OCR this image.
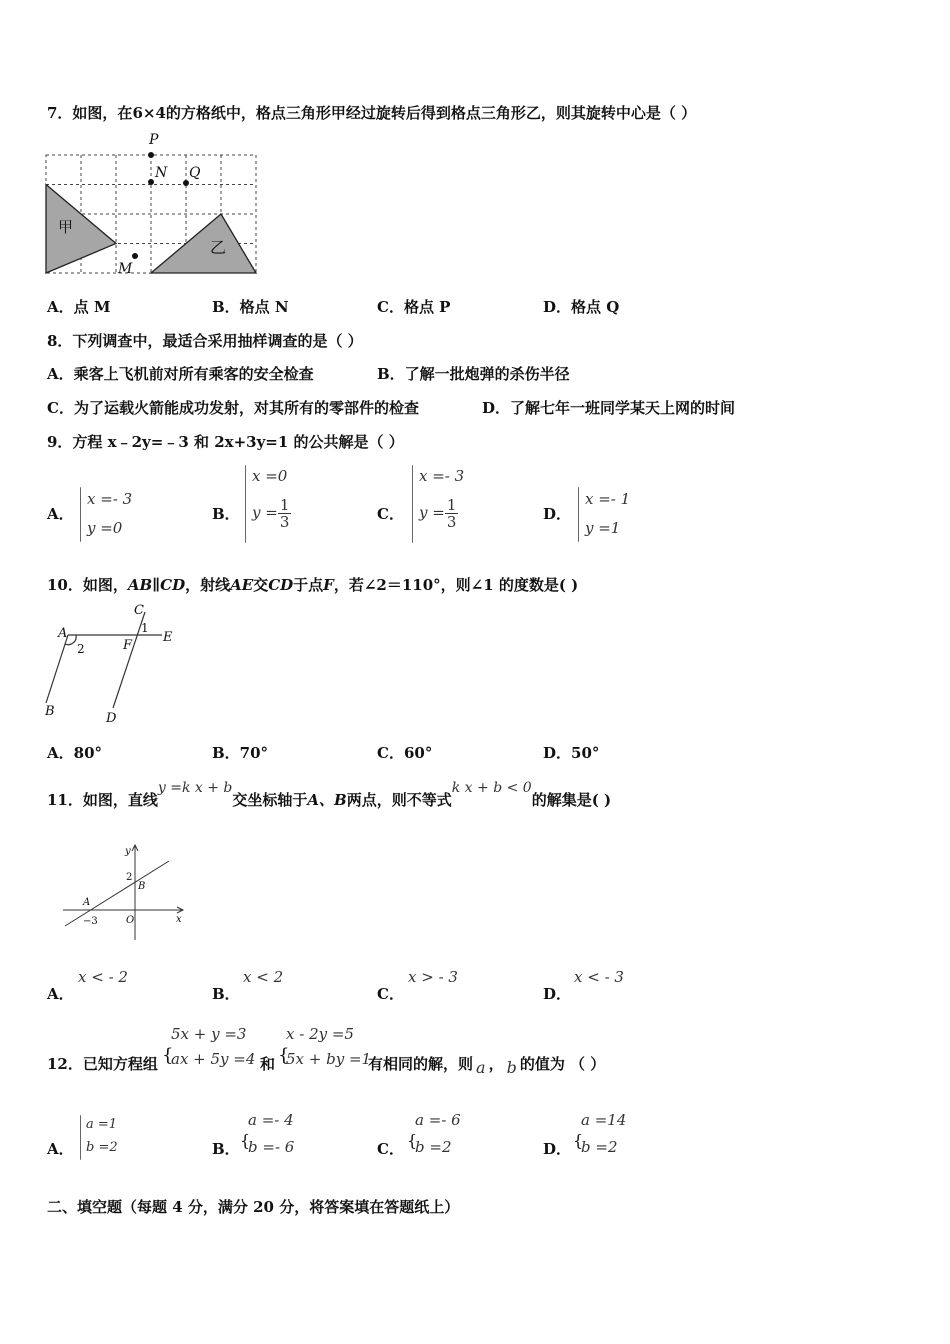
7．如图，在6×4的方格纸中，格点三角形甲经过旋转后得到格点三角形乙，则其旋转中心是（ ）
甲
乙
P
N Q
M
A．点 M	B．格点 N	C．格点 P	D．格点 Q
8．下列调查中，最适合采用抽样调查的是（ ）
A．乘客上飞机前对所有乘客的安全检查	B．了解一批炮弹的杀伤半径
C．为了运载火箭能成功发射，对其所有的零部件的检查	D．了解七年一班同学某天上网的时间
9．方程 x﹣2y=﹣3 和 2x+3y=1 的公共解是（ ）
A．
x =- 3
y =0
B．
x =0
$y = \frac{1}{3}$	C．
x =- 3
$y = \frac{1}{3}$	D．
x =- 1
y =1
10．如图，AB∥CD，射线AE交CD于点F，若∠2＝110°，则∠1 的度数是( )
C
1
A
2	F
E
B	D
A．80°	B．70°	C．60°	D．50°
11．如图，直线y =k x + b交坐标轴于A、B两点，则不等式k x + b < 0的解集是( )
y
2
B
A
−3	O	x
A．
x < - 2
B．
x < 2
C．
x > - 3
D．
x < - 3
12．已知方程组 {
5x + y =3
ax + 5y =4 和 {
x - 2y =5
5x + by =1
有相同的解，则 a ， b 的值为 （ ）
A．
a =1
b =2	B． {
a =- 4
b =- 6	C． {
a =- 6
b =2	D． {
a =14
b =2
二、填空题（每题 4 分，满分 20 分，将答案填在答题纸上）
